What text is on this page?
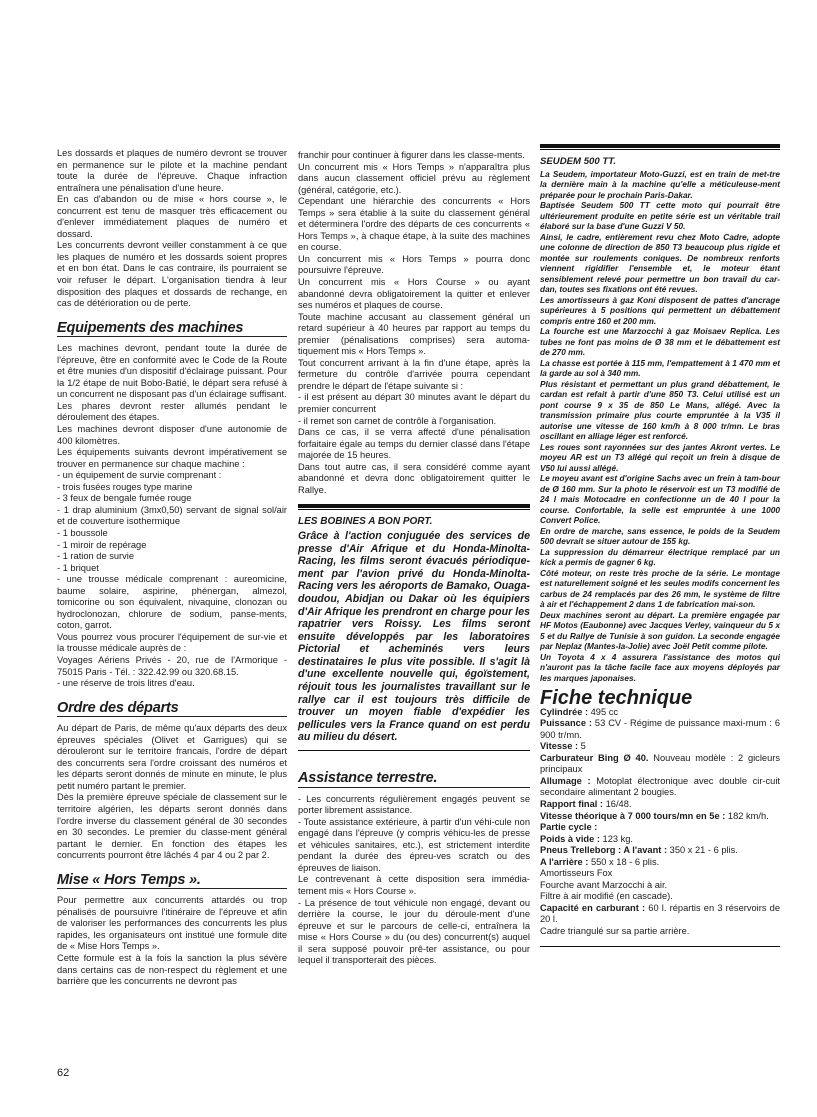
Les dossards et plaques de numéro devront se trouver en permanence sur le pilote et la machine pendant toute la durée de l'épreuve. Chaque infraction entraînera une pénalisation d'une heure.

En cas d'abandon ou de mise « hors course », le concurrent est tenu de masquer très efficacement ou d'enlever immédiatement plaques de numéro et dossard.

Les concurrents devront veiller constamment à ce que les plaques de numéro et les dossards soient propres et en bon état. Dans le cas contraire, ils pourraient se voir refuser le départ. L'organisation tiendra à leur disposition des plaques et dossards de rechange, en cas de détérioration ou de perte.

Equipements des machines

Les machines devront, pendant toute la durée de l'épreuve, être en conformité avec le Code de la Route et être munies d'un dispositif d'éclairage puissant. Pour la 1/2 étape de nuit Bobo-Batié, le départ sera refusé à un concurrent ne disposant pas d'un éclairage suffisant.

Les phares devront rester allumés pendant le déroulement des étapes.

Les machines devront disposer d'une autonomie de 400 kilomètres.

Les équipements suivants devront impérativement se trouver en permanence sur chaque machine :

- un équipement de survie comprenant :

- trois fusées rouges type marine

- 3 feux de bengale fumée rouge

- 1 drap aluminium (3mx0,50) servant de signal sol/air et de couverture isothermique

- 1 boussole

- 1 miroir de repérage

- 1 ration de survie

- 1 briquet

- une trousse médicale comprenant : aureomicine, baume solaire, aspirine, phénergan, almezol, tomicorine ou son équivalent, nivaquine, clonozan ou hydroclonozan, chlorure de sodium, panse-ments, coton, garrot.

Vous pourrez vous procurer l'équipement de sur-vie et la trousse médicale auprès de :

Voyages Aériens Privés - 20, rue de l'Armorique - 75015 Paris - Tél. : 322.42.99 ou 320.68.15.

- une réserve de trois litres d'eau.

Ordre des départs

Au départ de Paris, de même qu'aux départs des deux épreuves spéciales (Olivet et Garrigues) qui se dérouleront sur le territoire francais, l'ordre de départ des concurrents sera l'ordre croissant des numéros et les départs seront donnés de minute en minute, le plus petit numéro partant le premier.

Dès la première épreuve spéciale de classement sur le territoire algérien, les départs seront donnés dans l'ordre inverse du classement général de 30 secondes en 30 secondes. Le premier du classe-ment général partant le dernier. En fonction des étapes les concurrents pourront être lâchés 4 par 4 ou 2 par 2.

Mise « Hors Temps ».

Pour permettre aux concurrents attardés ou trop pénalisés de poursuivre l'itinéraire de l'épreuve et afin de valoriser les performances des concurrents les plus rapides, les organisateurs ont institué une formule dite de « Mise Hors Temps ».

Cette formule est à la fois la sanction la plus sévère dans certains cas de non-respect du règlement et une barrière que les concurrents ne devront pas

franchir pour continuer à figurer dans les classe-ments.

Un concurrent mis « Hors Temps » n'apparaîtra plus dans aucun classement officiel prévu au règlement (général, catégorie, etc.).

Cependant une hiérarchie des concurrents « Hors Temps » sera établie à la suite du classement général et déterminera l'ordre des départs de ces concurrents « Hors Temps », à chaque étape, à la suite des machines en course.

Un concurrent mis « Hors Temps » pourra donc poursuivre l'épreuve.

Un concurrent mis « Hors Course » ou ayant abandonné devra obligatoirement la quitter et enlever ses numéros et plaques de course.

Toute machine accusant au classement général un retard supérieur à 40 heures par rapport au temps du premier (pénalisations comprises) sera automa-tiquement mis « Hors Temps ».

Tout concurrent arrivant à la fin d'une étape, après la fermeture du contrôle d'arrivée pourra cependant prendre le départ de l'étape suivante si :

- il est présent au départ 30 minutes avant le départ du premier concurrent

- il remet son carnet de contrôle à l'organisation.

Dans ce cas, il se verra affecté d'une pénalisation forfaitaire égale au temps du dernier classé dans l'étape majorée de 15 heures.

Dans tout autre cas, il sera considéré comme ayant abandonné et devra donc obligatoirement quitter le Rallye.

LES BOBINES A BON PORT.

Grâce à l'action conjuguée des services de presse d'Air Afrique et du Honda-Minolta-Racing, les films seront évacués périodique-ment par l'avion privé du Honda-Minolta-Racing vers les aéroports de Bamako, Ouaga-doudou, Abidjan ou Dakar où les équipiers d'Air Afrique les prendront en charge pour les rapatrier vers Roissy. Les films seront ensuite développés par les laboratoires Pictorial et acheminés vers leurs destinataires le plus vite possible. Il s'agit là d'une excellente nouvelle qui, égoïstement, réjouit tous les journalistes travaillant sur le rallye car il est toujours très difficile de trouver un moyen fiable d'expédier les pellicules vers la France quand on est perdu au milieu du désert.

Assistance terrestre.

- Les concurrents régulièrement engagés peuvent se porter librement assistance.

- Toute assistance extérieure, à partir d'un véhi-cule non engagé dans l'épreuve (y compris véhicu-les de presse et véhicules sanitaires, etc.), est strictement interdite pendant la durée des épreu-ves scratch ou des épreuves de liaison.

Le contrevenant à cette disposition sera immédia-tement mis « Hors Course ».

- La présence de tout véhicule non engagé, devant ou derrière la course, le jour du déroule-ment d'une épreuve et sur le parcours de celle-ci, entraînera la mise « Hors Course » du (ou des) concurrent(s) auquel il sera supposé pouvoir prê-ter assistance, ou pour lequel il transporterait des pièces.

SEUDEM 500 TT.

La Seudem, importateur Moto-Guzzi, est en train de met-tre la dernière main à la machine qu'elle a méticuleuse-ment préparée pour le prochain Paris-Dakar.

Baptisée Seudem 500 TT cette moto qui pourrait être ultérieurement produite en petite série est un véritable trail élaboré sur la base d'une Guzzi V 50.

Ainsi, le cadre, entièrement revu chez Moto Cadre, adopte une colonne de direction de 850 T3 beaucoup plus rigide et montée sur roulements coniques. De nombreux renforts viennent rigidifier l'ensemble et, le moteur étant sensiblement relevé pour permettre un bon travail du car-dan, toutes ses fixations ont été revues.

Les amortisseurs à gaz Koni disposent de pattes d'ancrage supérieures à 5 positions qui permettent un débattement compris entre 160 et 200 mm.

La fourche est une Marzocchi à gaz Moisaev Replica. Les tubes ne font pas moins de Ø 38 mm et le débattement est de 270 mm.

La chasse est portée à 115 mm, l'empattement à 1 470 mm et la garde au sol à 340 mm.

Plus résistant et permettant un plus grand débattement, le cardan est refait à partir d'une 850 T3. Celui utilisé est un pont course 9 x 35 de 850 Le Mans, allégé. Avec la transmission primaire plus courte empruntée à la V35 il autorise une vitesse de 160 km/h à 8 000 tr/mn. Le bras oscillant en alliage léger est renforcé.

Les roues sont rayonnées sur des jantes Akront vertes. Le moyeu AR est un T3 allégé qui reçoit un frein à disque de V50 lui aussi allégé.

Le moyeu avant est d'origine Sachs avec un frein à tam-bour de Ø 160 mm. Sur la photo le réservoir est un T3 modifié de 24 l mais Motocadre en confectionne un de 40 l pour la course. Confortable, la selle est empruntée à une 1000 Convert Police.

En ordre de marche, sans essence, le poids de la Seudem 500 devrait se situer autour de 155 kg.

La suppression du démarreur électrique remplacé par un kick a permis de gagner 6 kg.

Côté moteur, on reste très proche de la série. Le montage est naturellement soigné et les seules modifs concernent les carbus de 24 remplacés par des 26 mm, le système de filtre à air et l'échappement 2 dans 1 de fabrication mai-son.

Deux machines seront au départ. La première engagée par HF Motos (Eaubonne) avec Jacques Verley, vainqueur du 5 x 5 et du Rallye de Tunisie à son guidon. La seconde engagée par Neplaz (Mantes-la-Jolie) avec Joël Petit comme pilote.

Un Toyota 4 x 4 assurera l'assistance des motos qui n'auront pas la tâche facile face aux moyens déployés par les marques japonaises.

Fiche technique

Cylindrée : 495 cc

Puissance : 53 CV - Régime de puissance maxi-mum : 6 900 tr/mn.

Vitesse : 5

Carburateur Bing Ø 40. Nouveau modèle : 2 gicleurs principaux

Allumage : Motoplat électronique avec double cir-cuit secondaire alimentant 2 bougies.

Rapport final : 16/48.

Vitesse théorique à 7 000 tours/mn en 5e : 182 km/h.

Partie cycle :

Poids à vide : 123 kg.

Pneus Trelleborg : A l'avant : 350 x 21 - 6 plis.

A l'arrière : 550 x 18 - 6 plis.

Amortisseurs Fox

Fourche avant Marzocchi à air.

Filtre à air modifié (en cascade).

Capacité en carburant : 60 l. répartis en 3 réservoirs de 20 l.

Cadre triangulé sur sa partie arrière.

62
